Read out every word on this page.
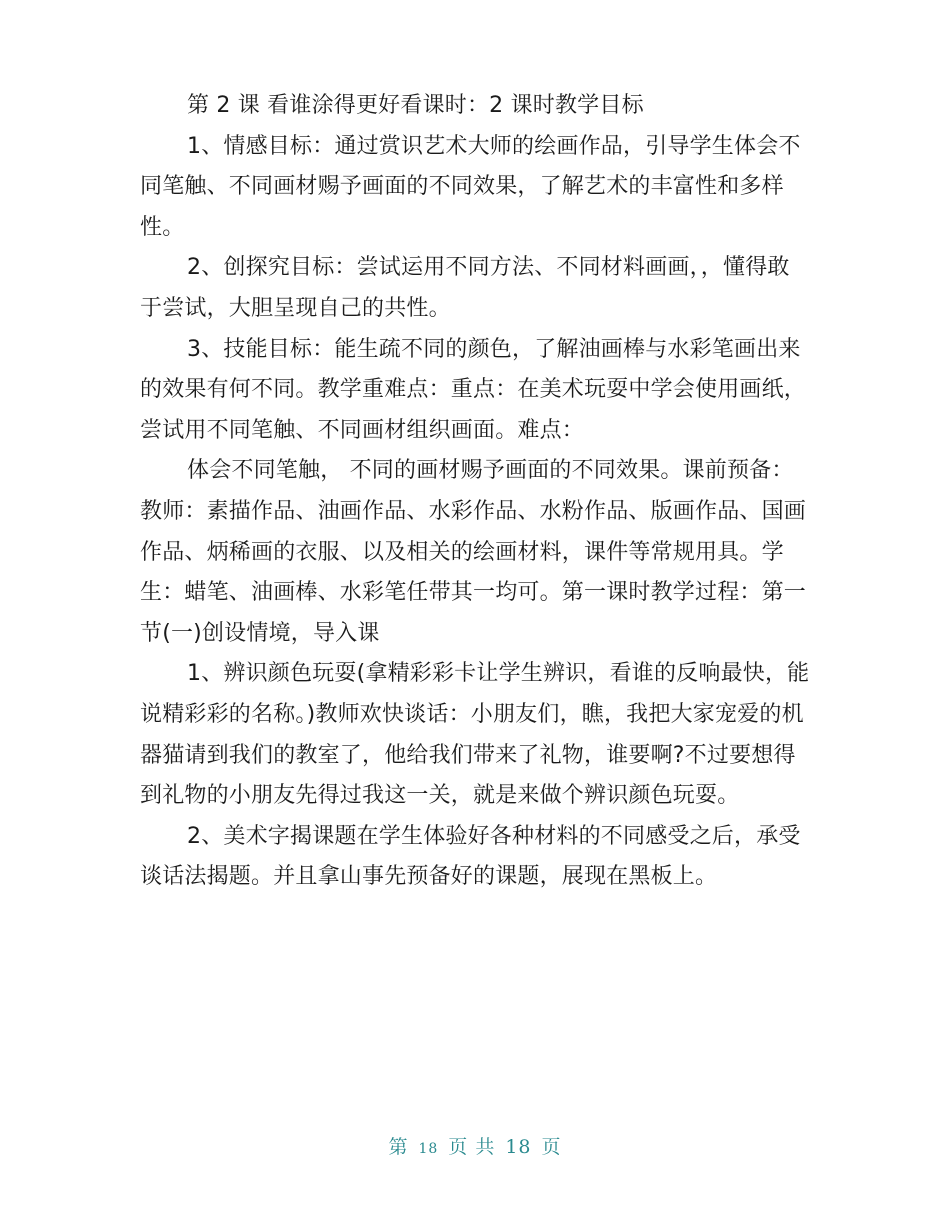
第 2 课 看谁涂得更好看课时：2 课时教学目标

1、情感目标：通过赏识艺术大师的绘画作品，引导学生体会不同笔触、不同画材赐予画面的不同效果，了解艺术的丰富性和多样性。

2、创探究目标：尝试运用不同方法、不同材料画画，，懂得敢于尝试，大胆呈现自己的共性。

3、技能目标：能生疏不同的颜色，了解油画棒与水彩笔画出来的效果有何不同。教学重难点：重点：在美术玩耍中学会使用画纸，尝试用不同笔触、不同画材组织画面。难点：

体会不同笔触， 不同的画材赐予画面的不同效果。课前预备：教师：素描作品、油画作品、水彩作品、水粉作品、版画作品、国画作品、炳稀画的衣服、以及相关的绘画材料，课件等常规用具。学生：蜡笔、油画棒、水彩笔任带其一均可。第一课时教学过程：第一节(一)创设情境，导入课

1、辨识颜色玩耍(拿精彩彩卡让学生辨识，看谁的反响最快，能说精彩彩的名称。)教师欢快谈话：小朋友们，瞧，我把大家宠爱的机器猫请到我们的教室了，他给我们带来了礼物，谁要啊?不过要想得到礼物的小朋友先得过我这一关，就是来做个辨识颜色玩耍。

2、美术字揭课题在学生体验好各种材料的不同感受之后，承受谈话法揭题。并且拿山事先预备好的课题，展现在黑板上。

第 18 页 共 18 页
